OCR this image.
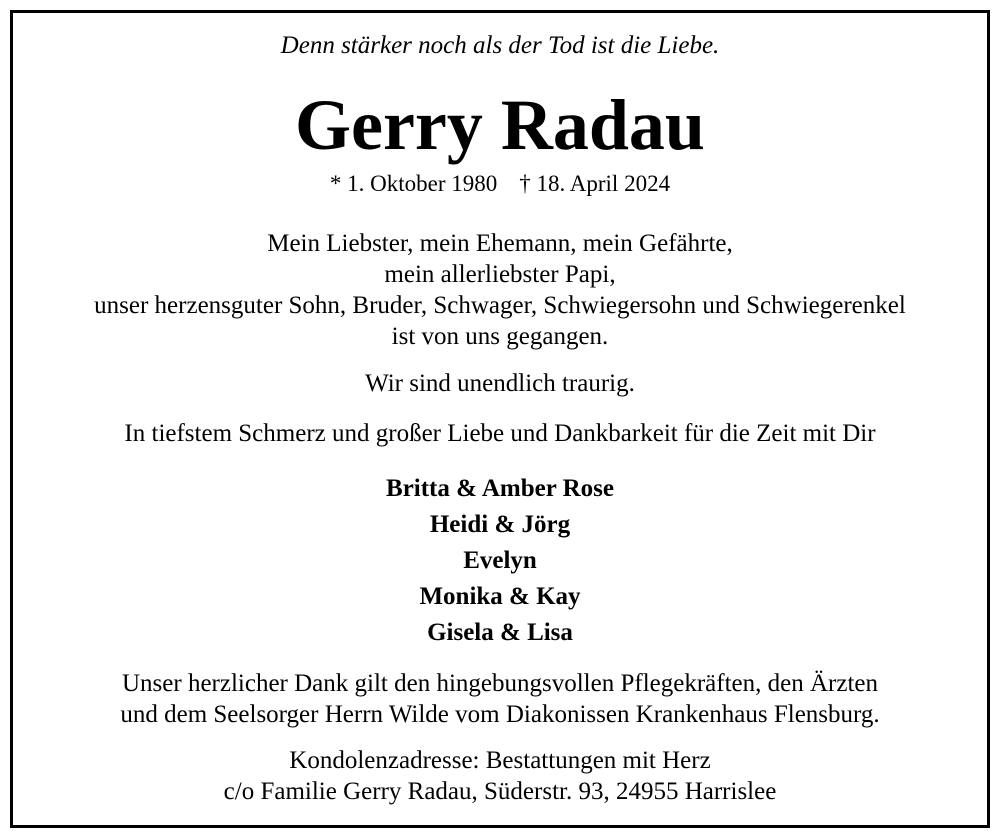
Denn stärker noch als der Tod ist die Liebe.
Gerry Radau
* 1. Oktober 1980 † 18. April 2024
Mein Liebster, mein Ehemann, mein Gefährte,
mein allerliebster Papi,
unser herzensguter Sohn, Bruder, Schwager, Schwiegersohn und Schwiegerenkel
ist von uns gegangen.
Wir sind unendlich traurig.
In tiefstem Schmerz und großer Liebe und Dankbarkeit für die Zeit mit Dir
Britta & Amber Rose
Heidi & Jörg
Evelyn
Monika & Kay
Gisela & Lisa
Unser herzlicher Dank gilt den hingebungsvollen Pflegekräften, den Ärzten
und dem Seelsorger Herrn Wilde vom Diakonissen Krankenhaus Flensburg.
Kondolenzadresse: Bestattungen mit Herz
c/o Familie Gerry Radau, Süderstr. 93, 24955 Harrislee
